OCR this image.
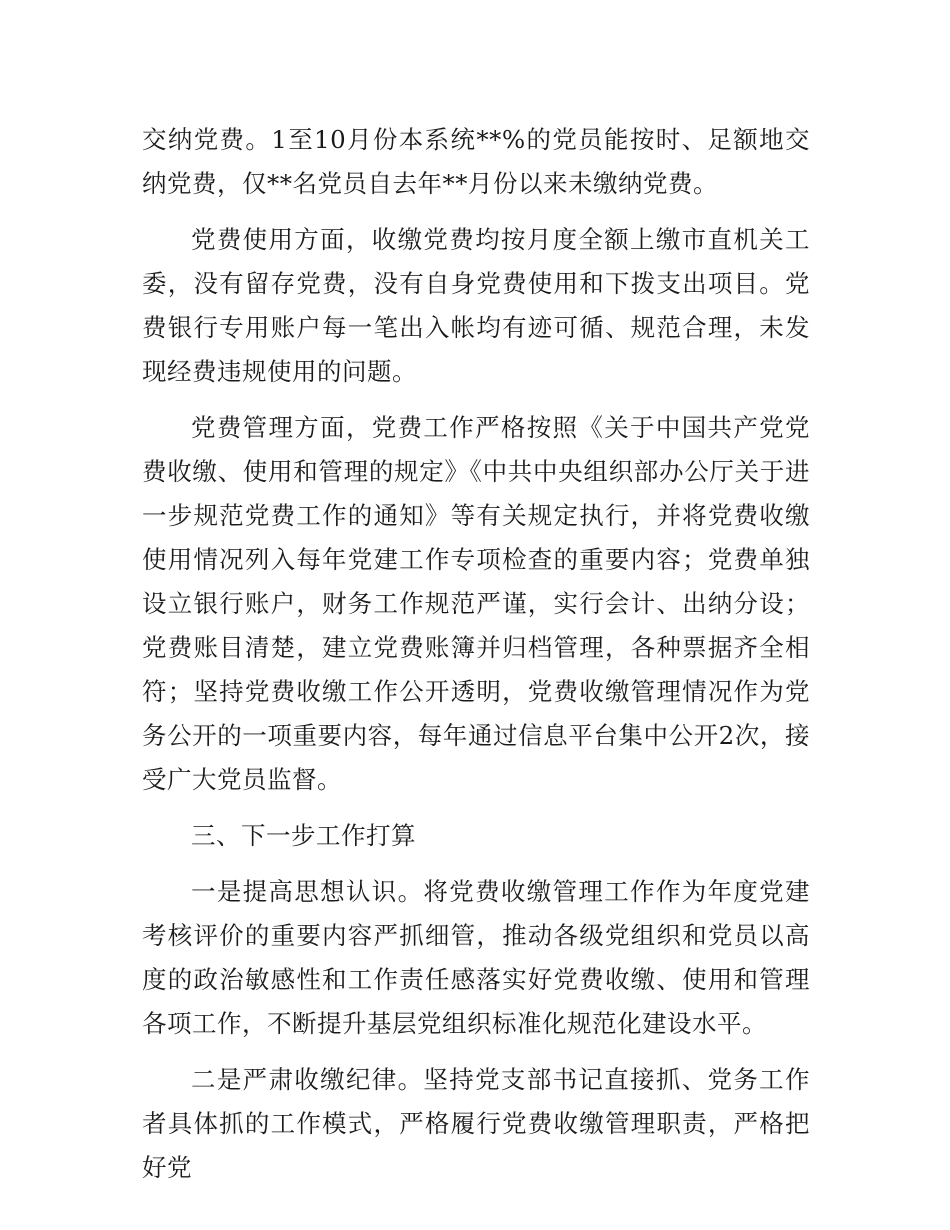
交纳党费。1至10月份本系统**%的党员能按时、足额地交纳党费，仅**名党员自去年**月份以来未缴纳党费。

党费使用方面，收缴党费均按月度全额上缴市直机关工委，没有留存党费，没有自身党费使用和下拨支出项目。党费银行专用账户每一笔出入帐均有迹可循、规范合理，未发现经费违规使用的问题。

党费管理方面，党费工作严格按照《关于中国共产党党费收缴、使用和管理的规定》《中共中央组织部办公厅关于进一步规范党费工作的通知》等有关规定执行，并将党费收缴使用情况列入每年党建工作专项检查的重要内容；党费单独设立银行账户，财务工作规范严谨，实行会计、出纳分设；党费账目清楚，建立党费账簿并归档管理，各种票据齐全相符；坚持党费收缴工作公开透明，党费收缴管理情况作为党务公开的一项重要内容，每年通过信息平台集中公开2次，接受广大党员监督。

三、下一步工作打算

一是提高思想认识。将党费收缴管理工作作为年度党建考核评价的重要内容严抓细管，推动各级党组织和党员以高度的政治敏感性和工作责任感落实好党费收缴、使用和管理各项工作，不断提升基层党组织标准化规范化建设水平。

二是严肃收缴纪律。坚持党支部书记直接抓、党务工作者具体抓的工作模式，严格履行党费收缴管理职责，严格把好党
